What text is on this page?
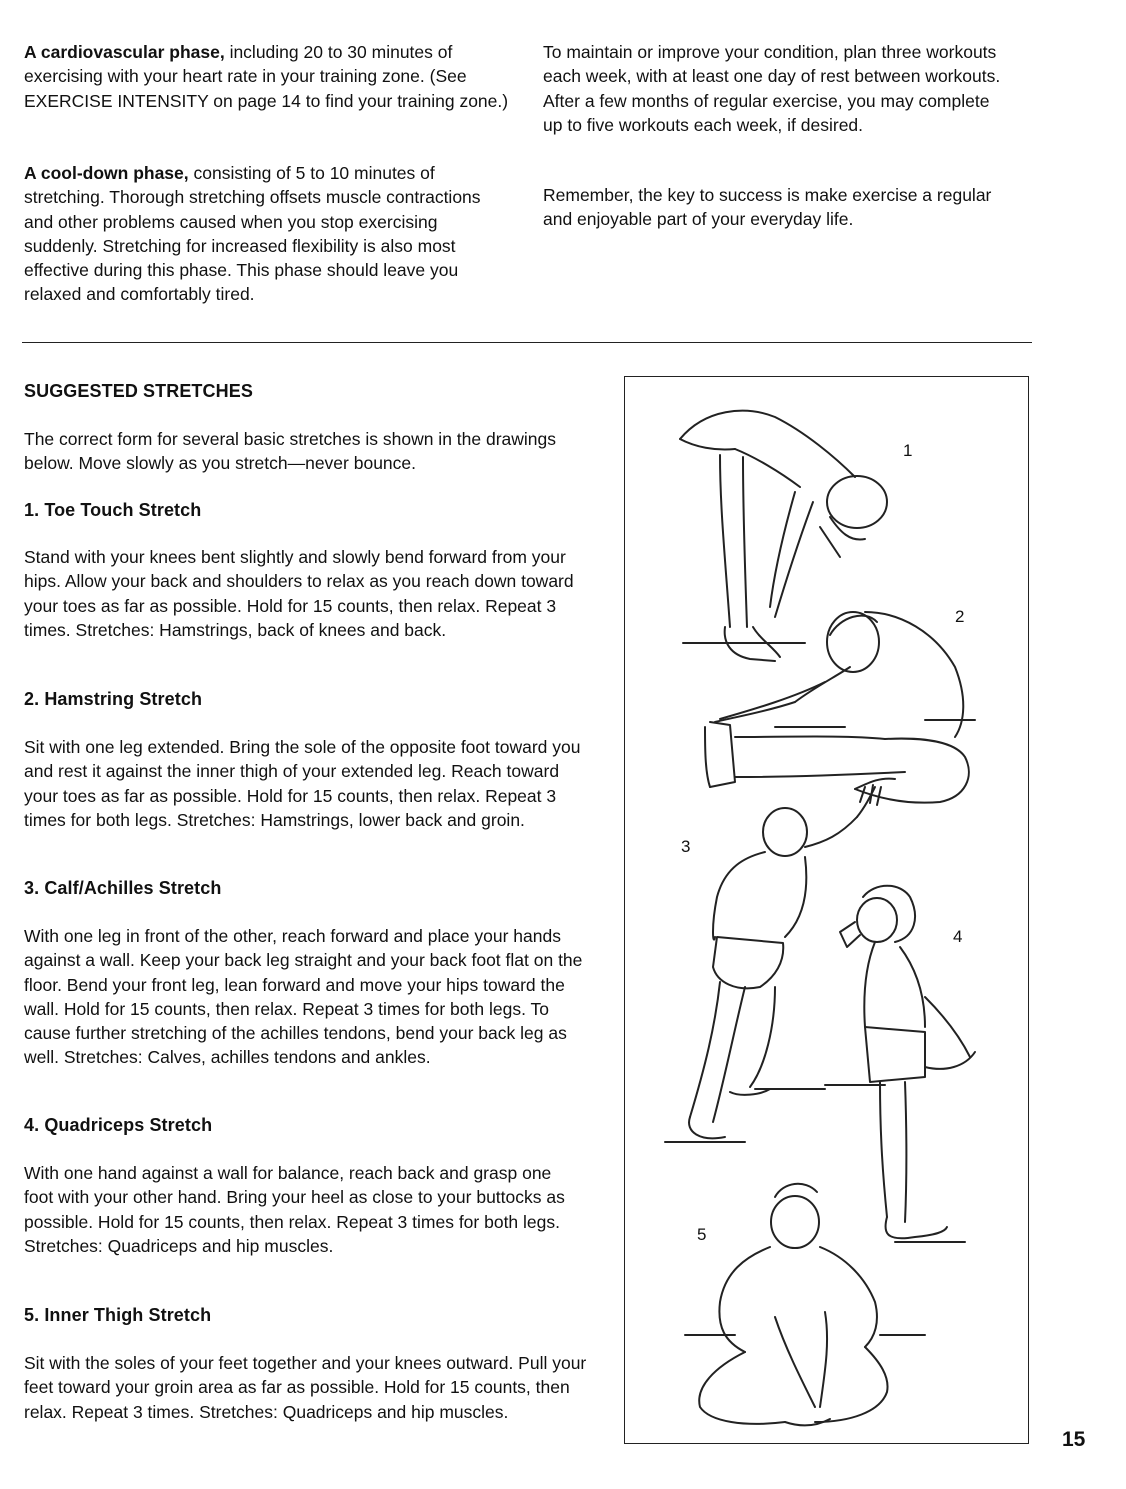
A cardiovascular phase, including 20 to 30 minutes of exercising with your heart rate in your training zone. (See EXERCISE INTENSITY on page 14 to find your training zone.)

A cool-down phase, consisting of 5 to 10 minutes of stretching. Thorough stretching offsets muscle contractions and other problems caused when you stop exercising suddenly. Stretching for increased flexibility is also most effective during this phase. This phase should leave you relaxed and comfortably tired.

To maintain or improve your condition, plan three workouts each week, with at least one day of rest between workouts. After a few months of regular exercise, you may complete up to five workouts each week, if desired.

Remember, the key to success is make exercise a regular and enjoyable part of your everyday life.

SUGGESTED STRETCHES

The correct form for several basic stretches is shown in the drawings below. Move slowly as you stretch—never bounce.

1. Toe Touch Stretch

Stand with your knees bent slightly and slowly bend forward from your hips. Allow your back and shoulders to relax as you reach down toward your toes as far as possible. Hold for 15 counts, then relax. Repeat 3 times. Stretches: Hamstrings, back of knees and back.

2. Hamstring Stretch

Sit with one leg extended. Bring the sole of the opposite foot toward you and rest it against the inner thigh of your extended leg. Reach toward your toes as far as possible. Hold for 15 counts, then relax. Repeat 3 times for both legs. Stretches: Hamstrings, lower back and groin.

3. Calf/Achilles Stretch

With one leg in front of the other, reach forward and place your hands against a wall. Keep your back leg straight and your back foot flat on the floor. Bend your front leg, lean forward and move your hips toward the wall. Hold for 15 counts, then relax. Repeat 3 times for both legs. To cause further stretching of the achilles tendons, bend your back leg as well. Stretches: Calves, achilles tendons and ankles.

4. Quadriceps Stretch

With one hand against a wall for balance, reach back and grasp one foot with your other hand. Bring your heel as close to your buttocks as possible. Hold for 15 counts, then relax. Repeat 3 times for both legs. Stretches: Quadriceps and hip muscles.

5. Inner Thigh Stretch

Sit with the soles of your feet together and your knees outward. Pull your feet toward your groin area as far as possible. Hold for 15 counts, then relax. Repeat 3 times. Stretches: Quadriceps and hip muscles.

1
2
3
4
5
15
